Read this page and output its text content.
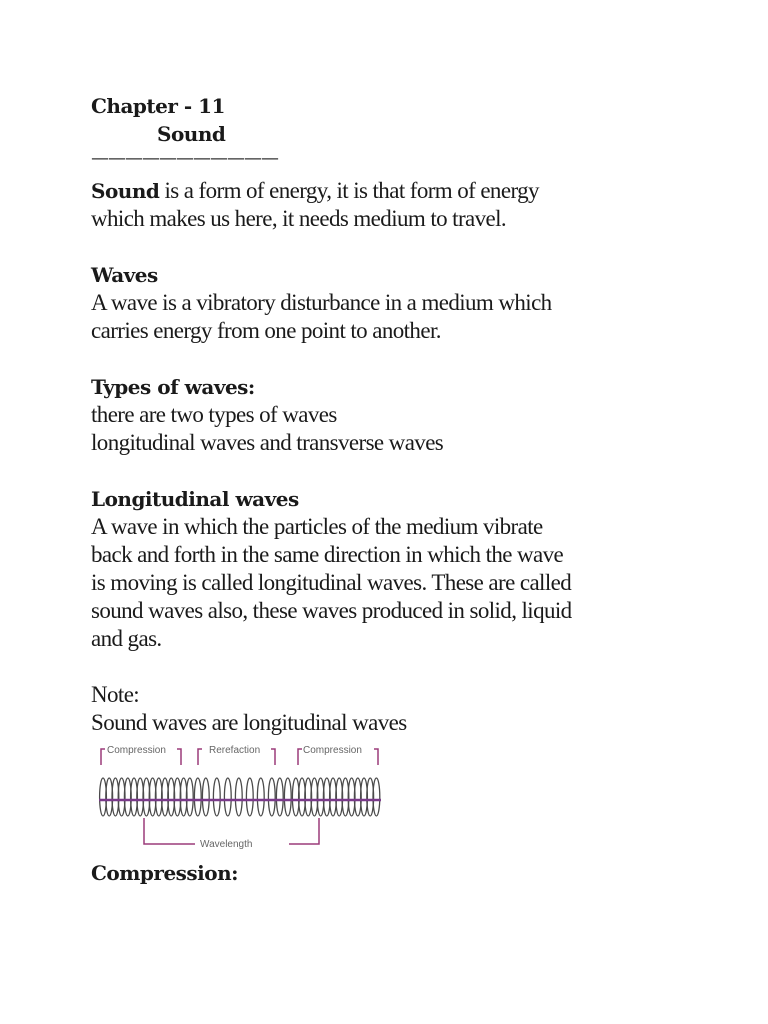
Chapter - 11
Sound
———————————
Sound is a form of energy, it is that form of energy
which makes us here, it needs medium to travel.
Waves
A wave is a vibratory disturbance in a medium which
carries energy from one point to another.
Types of waves:
there are two types of waves
longitudinal waves and transverse waves
Longitudinal waves
A wave in which the particles of the medium vibrate
back and forth in the same direction in which the wave
is moving is called longitudinal waves. These are called
sound waves also, these waves produced in solid, liquid
and gas.
Note:
Sound waves are longitudinal waves
Compression	Rerefaction	Compression
Wavelength
Compression:
